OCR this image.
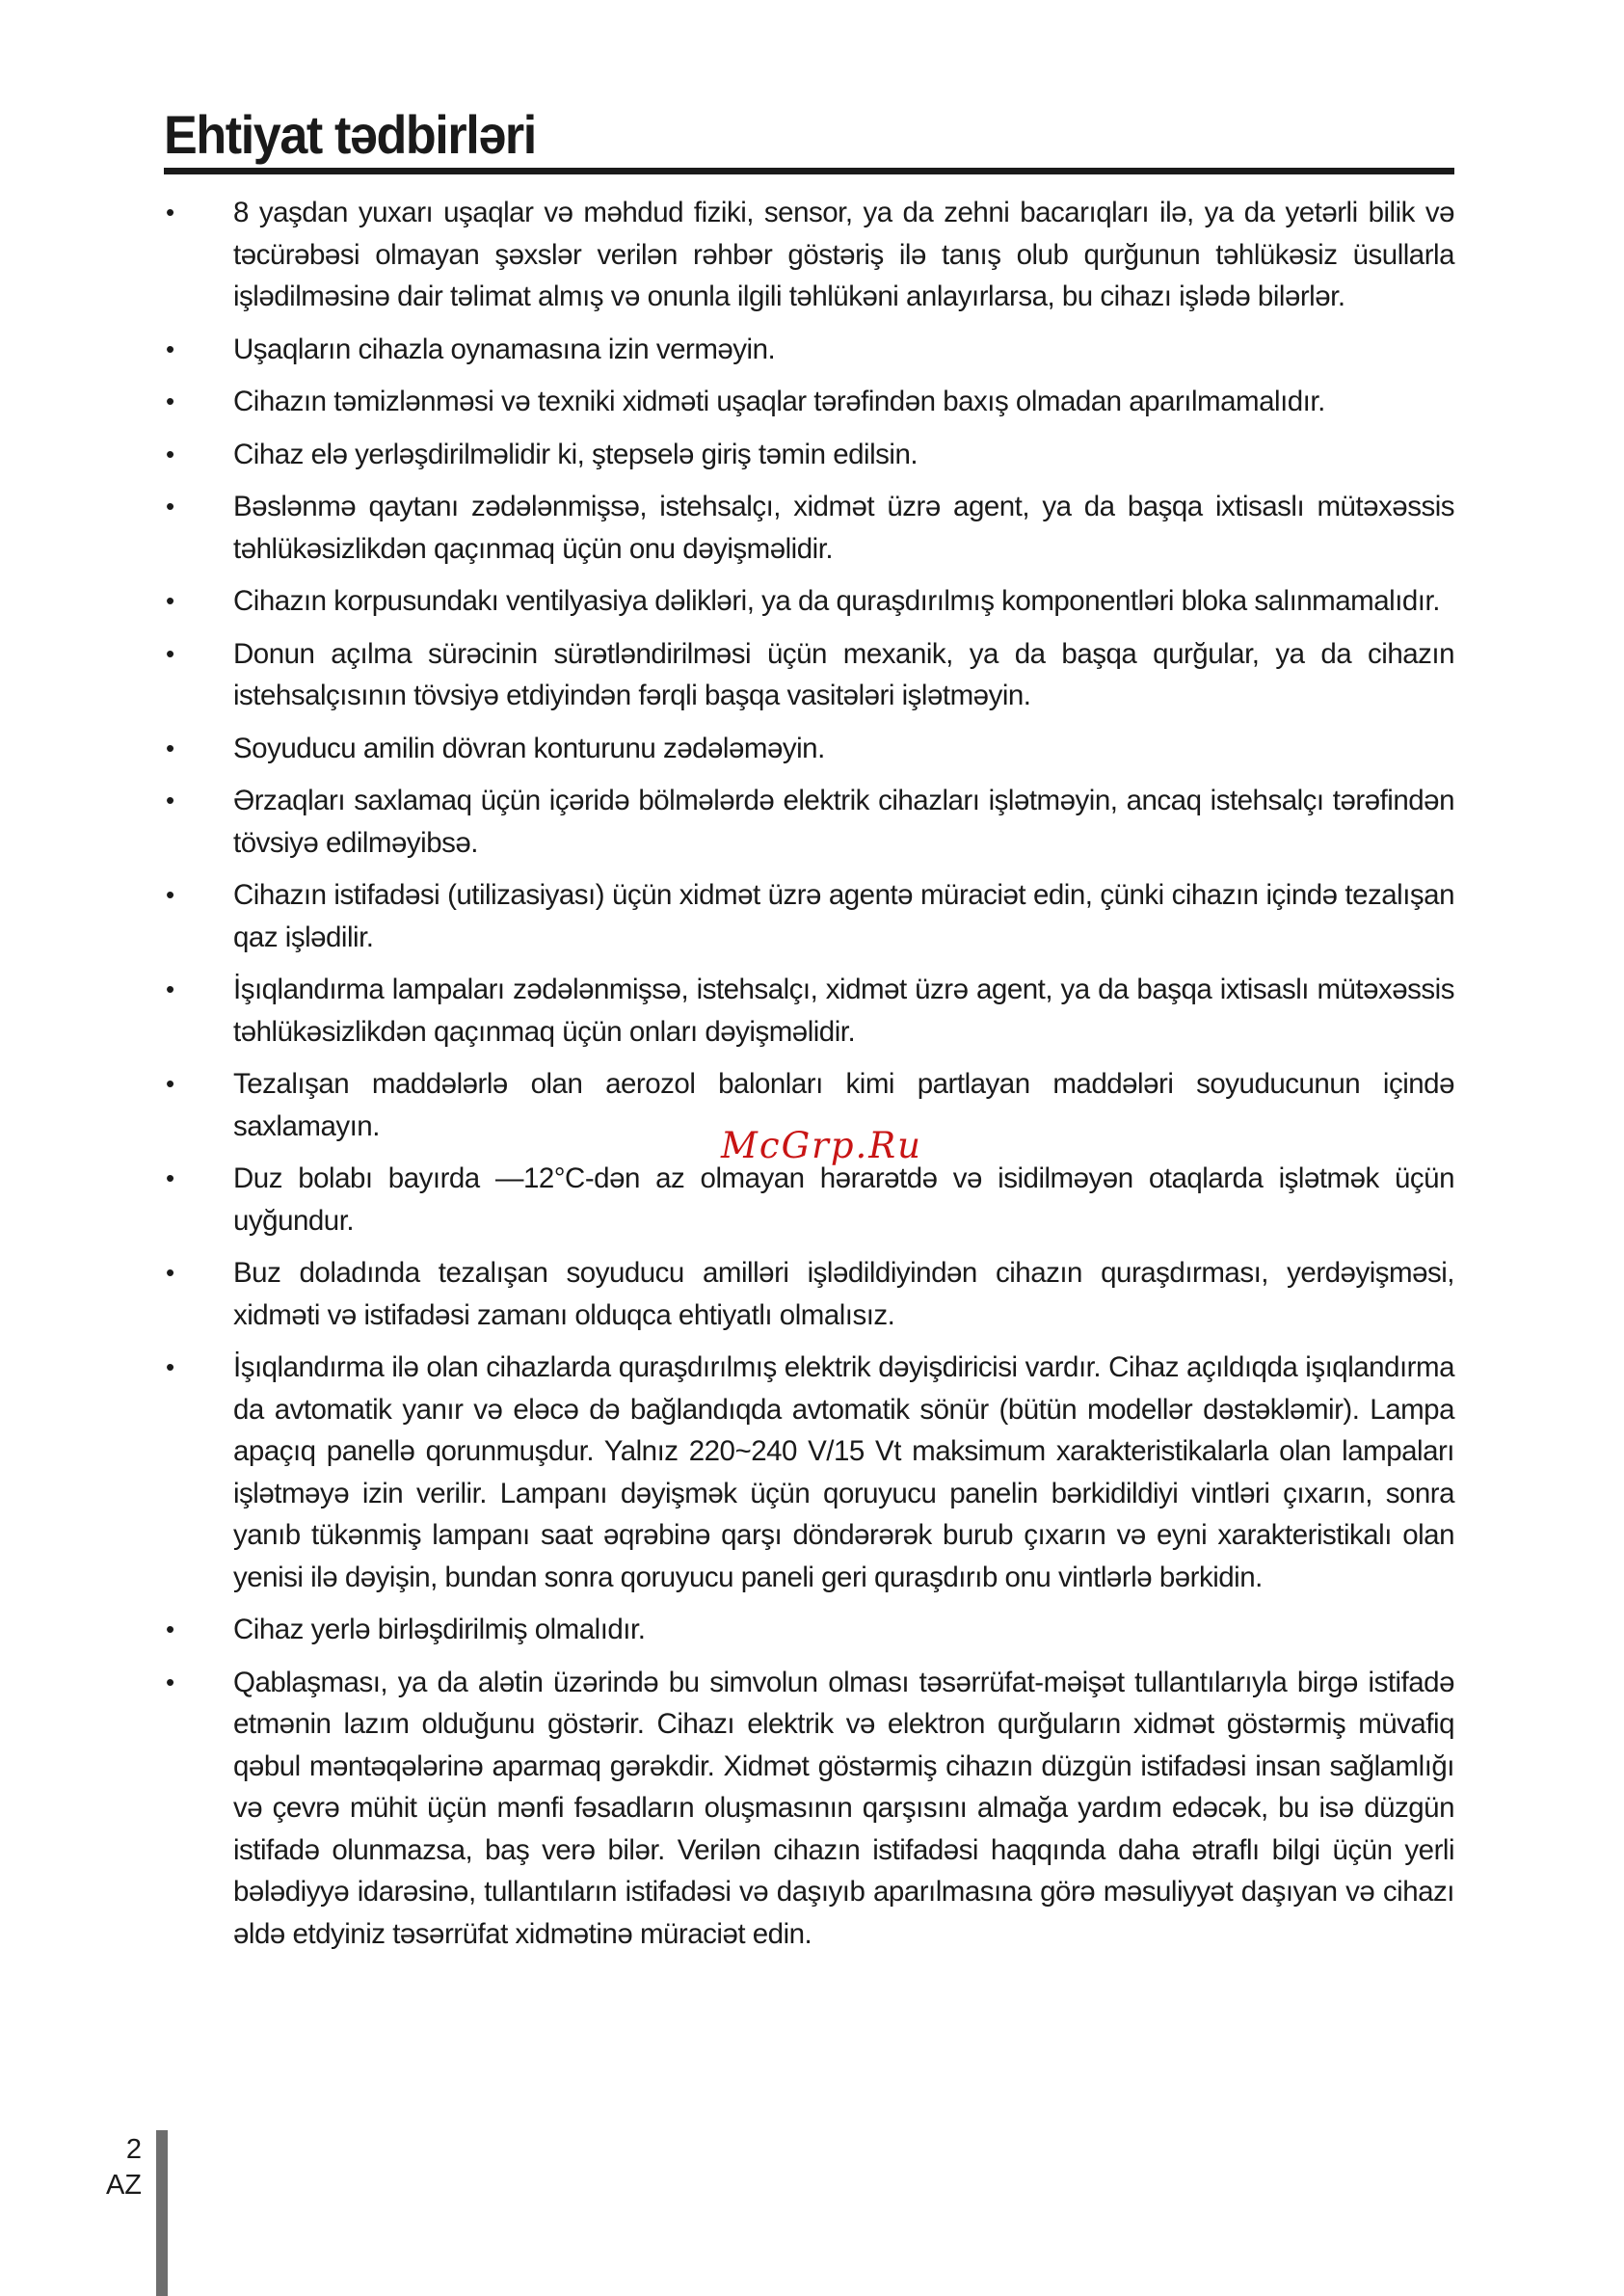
Ehtiyat tədbirləri
• 8 yaşdan yuxarı uşaqlar və məhdud fiziki, sensor, ya da zehni bacarıqları ilə, ya da yetərli bilik və təcürəbəsi olmayan şəxslər verilən rəhbər göstəriş ilə tanış olub qurğunun təhlükəsiz üsullarla işlədilməsinə dair təlimat almış və onunla ilgili təhlükəni anlayırlarsa, bu cihazı işlədə bilərlər.
• Uşaqların cihazla oynamasına izin verməyin.
• Cihazın təmizlənməsi və texniki xidməti uşaqlar tərəfindən baxış olmadan aparılmamalıdır.
• Cihaz elə yerləşdirilməlidir ki, ştepselə giriş təmin edilsin.
• Bəslənmə qaytanı zədələnmişsə, istehsalçı, xidmət üzrə agent, ya da başqa ixtisaslı mütəxəssis təhlükəsizlikdən qaçınmaq üçün onu dəyişməlidir.
• Cihazın korpusundakı ventilyasiya dəlikləri, ya da quraşdırılmış komponentləri bloka salınmamalıdır.
• Donun açılma sürəcinin sürətləndirilməsi üçün mexanik, ya da başqa qurğular, ya da cihazın istehsalçısının tövsiyə etdiyindən fərqli başqa vasitələri işlətməyin.
• Soyuducu amilin dövran konturunu zədələməyin.
• Ərzaqları saxlamaq üçün içəridə bölmələrdə elektrik cihazları işlətməyin, ancaq istehsalçı tərəfindən tövsiyə edilməyibsə.
• Cihazın istifadəsi (utilizasiyası) üçün xidmət üzrə agentə müraciət edin, çünki cihazın içində tezalışan qaz işlədilir.
• İşıqlandırma lampaları zədələnmişsə, istehsalçı, xidmət üzrə agent, ya da başqa ixtisaslı mütəxəssis təhlükəsizlikdən qaçınmaq üçün onları dəyişməlidir.
• Tezalışan maddələrlə olan aerozol balonları kimi partlayan maddələri soyuducunun içində saxlamayın.
• Duz bolabı bayırda —12°C-dən az olmayan hərarətdə və isidilməyən otaqlarda işlətmək üçün uyğundur.
• Buz doladında tezalışan soyuducu amilləri işlədildiyindən cihazın quraşdırması, yerdəyişməsi, xidməti və istifadəsi zamanı olduqca ehtiyatlı olmalısız.
• İşıqlandırma ilə olan cihazlarda quraşdırılmış elektrik dəyişdiricisi vardır. Cihaz açıldıqda işıqlandırma da avtomatik yanır və eləcə də bağlandıqda avtomatik sönür (bütün modellər dəstəklәmir). Lampa apaçıq panellə qorunmuşdur. Yalnız 220~240 V/15 Vt maksimum xarakteristikalarla olan lampaları işlətməyə izin verilir. Lampanı dəyişmək üçün qoruyucu panelin bərkidildiyi vintləri çıxarın, sonra yanıb tükənmiş lampanı saat əqrəbinə qarşı döndərərək burub çıxarın və eyni xarakteristikalı olan yenisi ilə dəyişin, bundan sonra qoruyucu paneli geri quraşdırıb onu vintlərlə bərkidin.
• Cihaz yerlə birləşdirilmiş olmalıdır.
• Qablaşması, ya da alətin üzərində bu simvolun olması təsərrüfat-məişət tullantılarıyla birgə istifadə etmənin lazım olduğunu göstərir. Cihazı elektrik və elektron qurğuların xidmət göstərmiş müvafiq qəbul məntəqələrinə aparmaq gərəkdir. Xidmət göstərmiş cihazın düzgün istifadəsi insan sağlamlığı və çevrə mühit üçün mənfi fəsadların oluşmasının qarşısını almağa yardım edəcək, bu isə düzgün istifadə olunmazsa, baş verə bilər. Verilən cihazın istifadəsi haqqında daha ətraflı bilgi üçün yerli bələdiyyə idarəsinə, tullantıların istifadəsi və daşıyıb aparılmasına görə məsuliyyət daşıyan və cihazı əldə etdyiniz təsərrüfat xidmətinə müraciət edin.
McGrp.Ru
2
AZ
